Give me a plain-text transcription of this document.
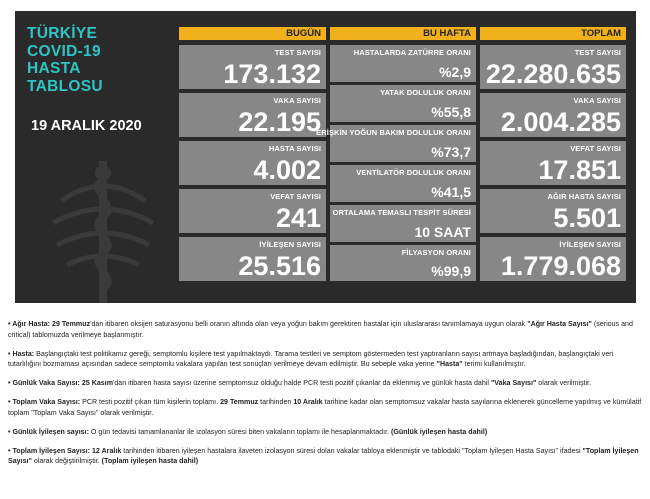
TÜRKİYE
COVID-19
HASTA
TABLOSU
19 ARALIK 2020
BUGÜN
TEST SAYISI
173.132
VAKA SAYISI
22.195
HASTA SAYISI
4.002
VEFAT SAYISI
241
İYİLEŞEN SAYISI
25.516
BU HAFTA
HASTALARDA ZATÜRRE ORANI
%2,9
YATAK DOLULUK ORANI
%55,8
ERİŞKİN YOĞUN BAKIM DOLULUK ORANI
%73,7
VENTİLATÖR DOLULUK ORANI
%41,5
ORTALAMA TEMASLI TESPİT SÜRESİ
10 SAAT
FİLYASYON ORANI
%99,9
TOPLAM
TEST SAYISI
22.280.635
VAKA SAYISI
2.004.285
VEFAT SAYISI
17.851
AĞIR HASTA SAYISI
5.501
İYİLEŞEN SAYISI
1.779.068

• Ağır Hasta: 29 Temmuz'dan itibaren oksijen saturasyonu belli oranın altında olan veya yoğun bakım gerektiren hastalar için uluslararası tanımlamaya uygun olarak "Ağır Hasta Sayısı" (serious and critical) tablomuzda verilmeye başlanmıştır.

• Hasta: Başlangıçtaki test politikamız gereği, semptomlu kişilere test yapılmaktaydı. Tarama testleri ve semptom göstermeden test yaptıranların sayısı artmaya başladığından, başlangıçtaki veri tutarlılığını bozmaması açısından sadece semptomlu vakalara yapılan test sonuçları verilmeye devam edilmiştir. Bu sebeple vaka yerine "Hasta" terimi kullanılmıştır.

• Günlük Vaka Sayısı: 25 Kasım'dan itibaren hasta sayısı üzerine semptomsuz olduğu halde PCR testi pozitif çıkanlar da eklenmiş ve günlük hasta dahil "Vaka Sayısı" olarak verilmiştir.

• Toplam Vaka Sayısı: PCR testi pozitif çıkan tüm kişilerin toplamı. 29 Temmuz tarihinden 10 Aralık tarihine kadar olan semptomsuz vakalar hasta sayılarına eklenerek güncelleme yapılmış ve kümülatif toplam "Toplam Vaka Sayısı" olarak verilmiştir.

• Günlük İyileşen sayısı: O gün tedavisi tamamlananlar ile izolasyon süresi biten vakaların toplamı ile hesaplanmaktadır. (Günlük iyileşen hasta dahil)

• Toplam İyileşen Sayısı: 12 Aralık tarihinden itibaren iyileşen hastalara ilaveten izolasyon süresi dolan vakalar tabloya eklenmiştir ve tablodaki "Toplam İyileşen Hasta Sayısı" ifadesi "Toplam İyileşen Sayısı" olarak değiştirilmiştir. (Toplam iyileşen hasta dahil)
